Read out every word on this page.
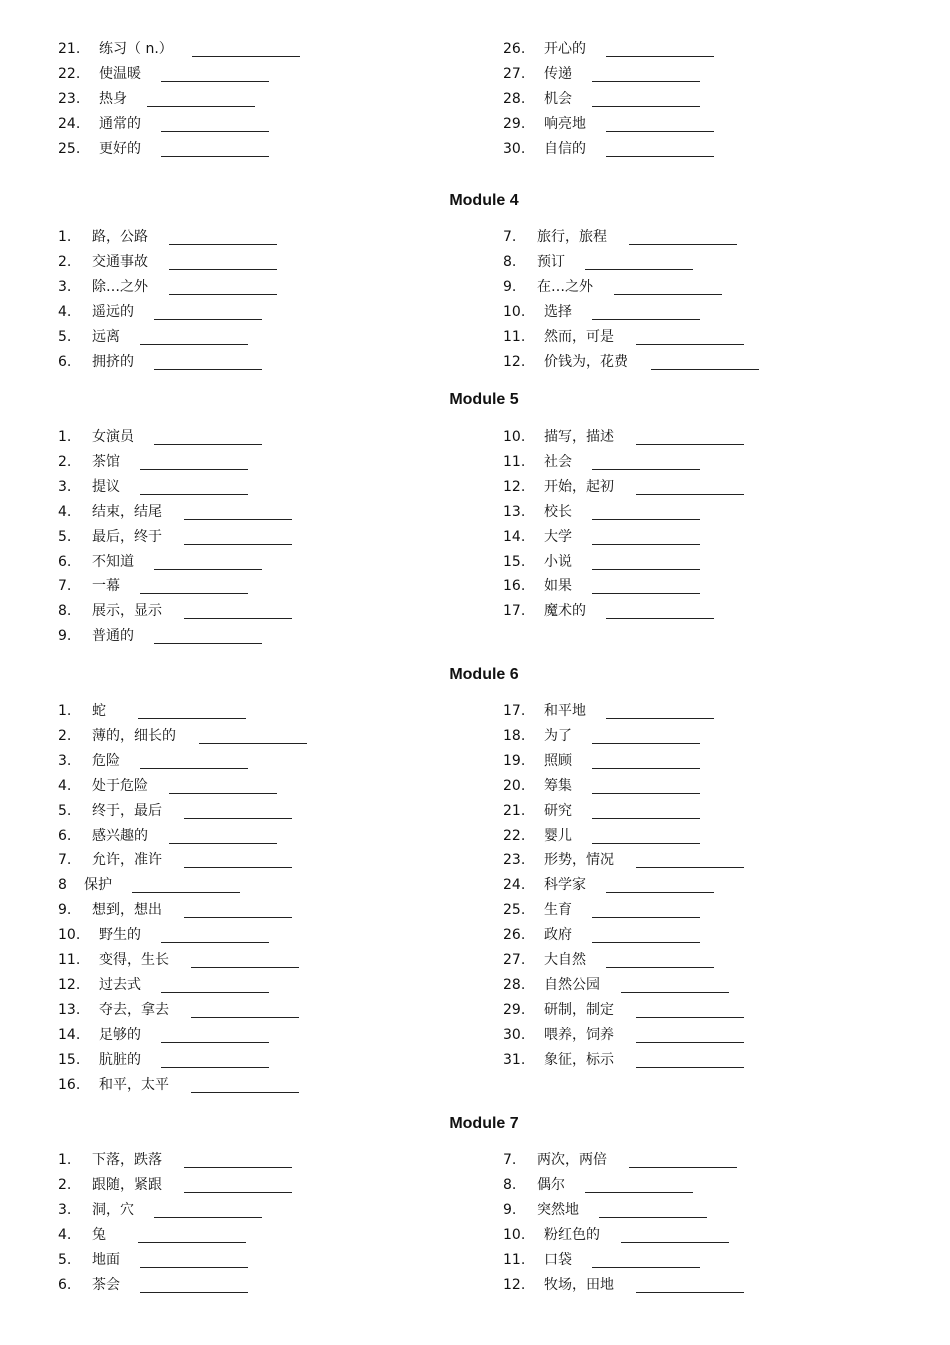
21. 练习（ n.）
22. 使温暖
23. 热身
24. 通常的
25. 更好的
26. 开心的
27. 传递
28. 机会
29. 响亮地
30. 自信的
Module 4
1. 路，公路
2. 交通事故
3. 除…之外
4. 遥远的
5. 远离
6. 拥挤的
7. 旅行，旅程
8. 预订
9. 在…之外
10. 选择
11. 然而，可是
12. 价钱为，花费
Module 5
1. 女演员
2. 茶馆
3. 提议
4. 结束，结尾
5. 最后，终于
6. 不知道
7. 一幕
8. 展示，显示
9. 普通的
10. 描写，描述
11. 社会
12. 开始，起初
13. 校长
14. 大学
15. 小说
16. 如果
17. 魔术的
Module 6
1. 蛇
2. 薄的，细长的
3. 危险
4. 处于危险
5. 终于，最后
6. 感兴趣的
7. 允许，准许
8 保护
9. 想到，想出
10. 野生的
11. 变得，生长
12. 过去式
13. 夺去，拿去
14. 足够的
15. 肮脏的
16. 和平，太平
17. 和平地
18. 为了
19. 照顾
20. 筹集
21. 研究
22. 婴儿
23. 形势，情况
24. 科学家
25. 生育
26. 政府
27. 大自然
28. 自然公园
29. 研制，制定
30. 喂养，饲养
31. 象征，标示
Module 7
1. 下落，跌落
2. 跟随，紧跟
3. 洞，穴
4. 兔
5. 地面
6. 茶会
7. 两次，两倍
8. 偶尔
9. 突然地
10. 粉红色的
11. 口袋
12. 牧场，田地
